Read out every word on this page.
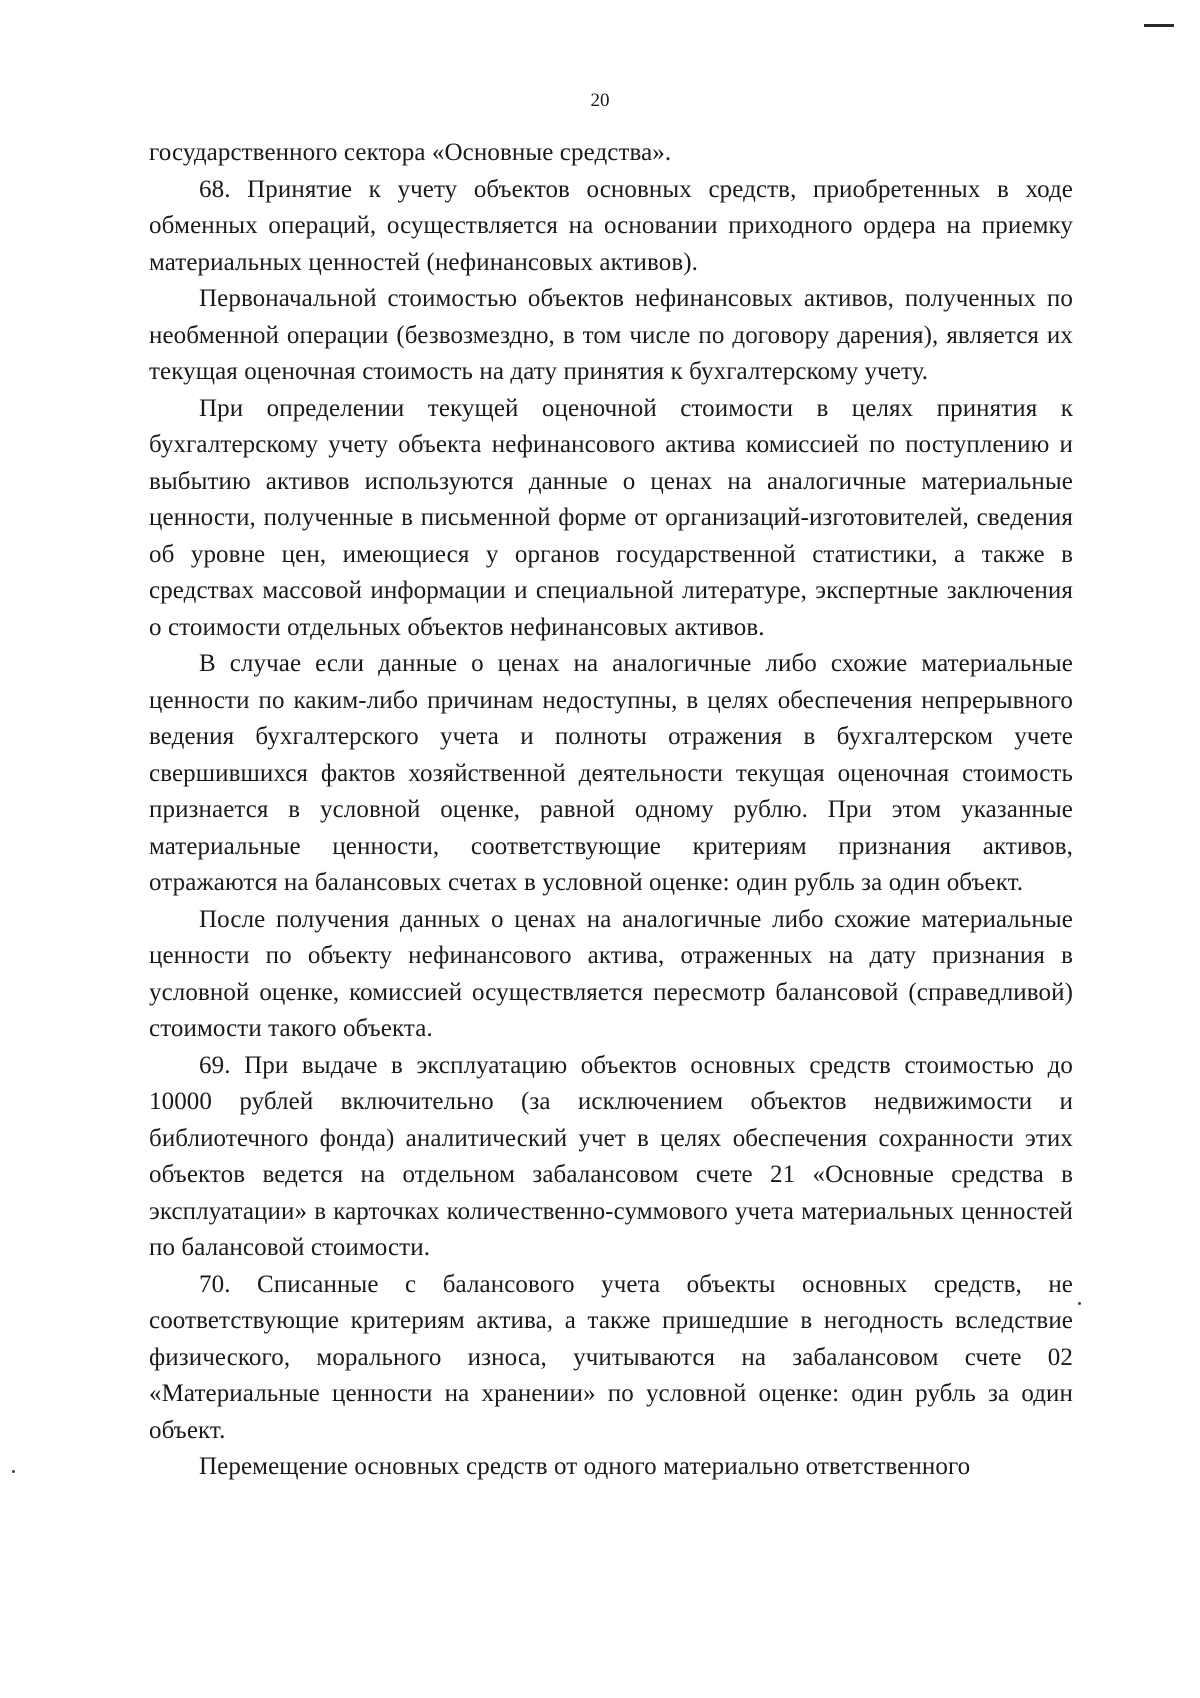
20

государственного сектора «Основные средства».

68. Принятие к учету объектов основных средств, приобретенных в ходе обменных операций, осуществляется на основании приходного ордера на приемку материальных ценностей (нефинансовых активов).

Первоначальной стоимостью объектов нефинансовых активов, полученных по необменной операции (безвозмездно, в том числе по договору дарения), является их текущая оценочная стоимость на дату принятия к бухгалтерскому учету.

При определении текущей оценочной стоимости в целях принятия к бухгалтерскому учету объекта нефинансового актива комиссией по поступлению и выбытию активов используются данные о ценах на аналогичные материальные ценности, полученные в письменной форме от организаций-изготовителей, сведения об уровне цен, имеющиеся у органов государственной статистики, а также в средствах массовой информации и специальной литературе, экспертные заключения о стоимости отдельных объектов нефинансовых активов.

В случае если данные о ценах на аналогичные либо схожие материальные ценности по каким-либо причинам недоступны, в целях обеспечения непрерывного ведения бухгалтерского учета и полноты отражения в бухгалтерском учете свершившихся фактов хозяйственной деятельности текущая оценочная стоимость признается в условной оценке, равной одному рублю. При этом указанные материальные ценности, соответствующие критериям признания активов, отражаются на балансовых счетах в условной оценке: один рубль за один объект.

После получения данных о ценах на аналогичные либо схожие материальные ценности по объекту нефинансового актива, отраженных на дату признания в условной оценке, комиссией осуществляется пересмотр балансовой (справедливой) стоимости такого объекта.

69. При выдаче в эксплуатацию объектов основных средств стоимостью до 10000 рублей включительно (за исключением объектов недвижимости и библиотечного фонда) аналитический учет в целях обеспечения сохранности этих объектов ведется на отдельном забалансовом счете 21 «Основные средства в эксплуатации» в карточках количественно-суммового учета материальных ценностей по балансовой стоимости.

70. Списанные с балансового учета объекты основных средств, не соответствующие критериям актива, а также пришедшие в негодность вследствие физического, морального износа, учитываются на забалансовом счете 02 «Материальные ценности на хранении» по условной оценке: один рубль за один объект.

Перемещение основных средств от одного материально ответственного
